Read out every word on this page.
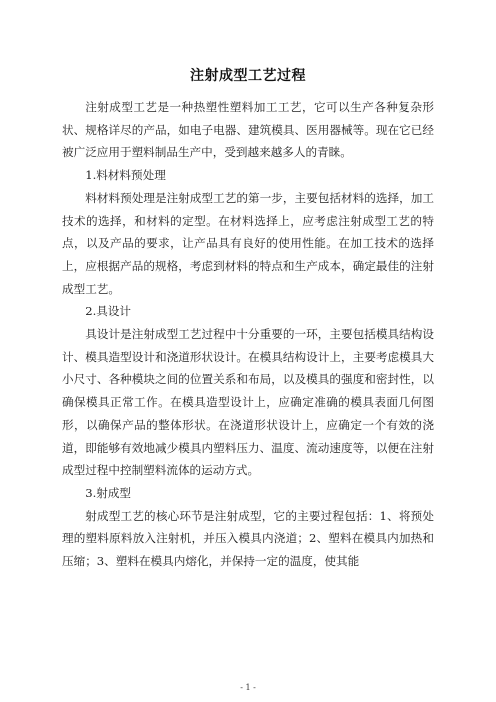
注射成型工艺过程

注射成型工艺是一种热塑性塑料加工工艺，它可以生产各种复杂形状、规格详尽的产品，如电子电器、建筑模具、医用器械等。现在它已经被广泛应用于塑料制品生产中，受到越来越多人的青睐。

1.料材料预处理

料材料预处理是注射成型工艺的第一步，主要包括材料的选择，加工技术的选择，和材料的定型。在材料选择上，应考虑注射成型工艺的特点，以及产品的要求，让产品具有良好的使用性能。在加工技术的选择上，应根据产品的规格，考虑到材料的特点和生产成本，确定最佳的注射成型工艺。

2.具设计

具设计是注射成型工艺过程中十分重要的一环，主要包括模具结构设计、模具造型设计和浇道形状设计。在模具结构设计上，主要考虑模具大小尺寸、各种模块之间的位置关系和布局，以及模具的强度和密封性，以确保模具正常工作。在模具造型设计上，应确定准确的模具表面几何图形，以确保产品的整体形状。在浇道形状设计上，应确定一个有效的浇道，即能够有效地减少模具内塑料压力、温度、流动速度等，以便在注射成型过程中控制塑料流体的运动方式。

3.射成型

射成型工艺的核心环节是注射成型，它的主要过程包括：1、将预处理的塑料原料放入注射机，并压入模具内浇道；2、塑料在模具内加热和压缩；3、塑料在模具内熔化，并保持一定的温度，使其能

- 1 -
